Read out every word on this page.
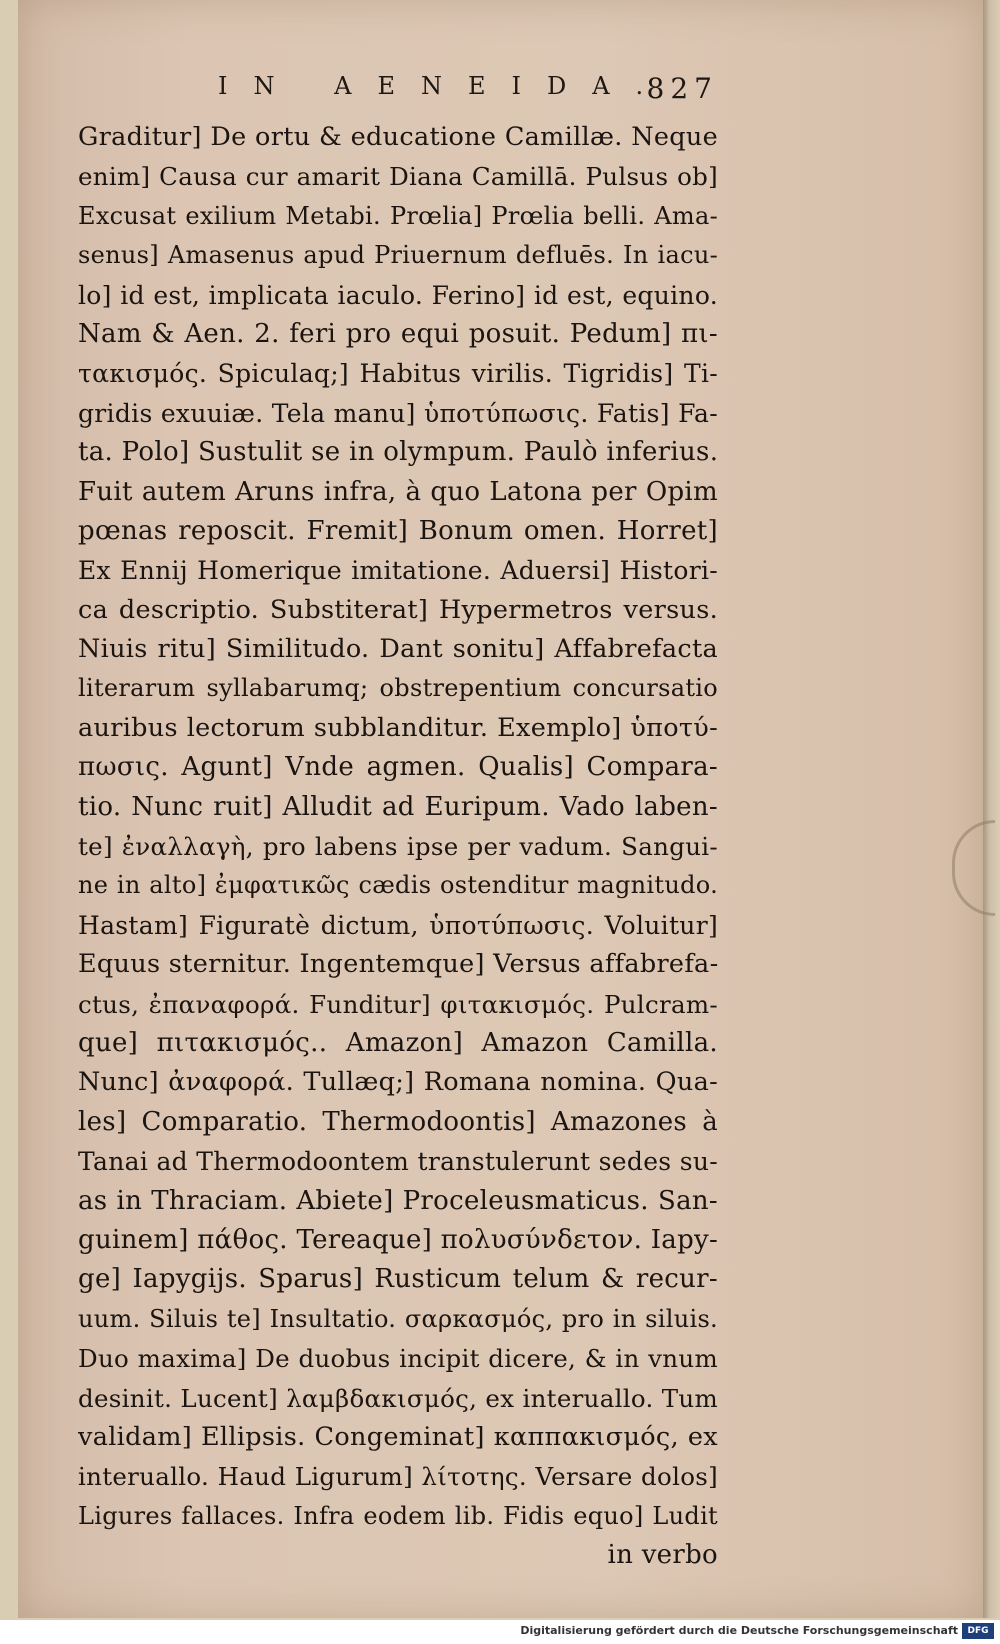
IN AENEIDA.
827
Graditur] De ortu & educatione Camillæ. Neque
enim] Causa cur amarit Diana Camillā. Pulsus ob]
Excusat exilium Metabi. Prœlia] Prœlia belli. Ama-
senus] Amasenus apud Priuernum defluēs. In iacu-
lo] id est, implicata iaculo. Ferino] id est, equino.
Nam & Aen. 2. feri pro equi posuit. Pedum] πι-
τακισμός. Spiculaq;] Habitus virilis. Tigridis] Ti-
gridis exuuiæ. Tela manu] ὑποτύπωσις. Fatis] Fa-
ta. Polo] Sustulit se in olympum. Paulò inferius.
Fuit autem Aruns infra, à quo Latona per Opim
pœnas reposcit. Fremit] Bonum omen. Horret]
Ex Ennij Homerique imitatione. Aduersi] Histori-
ca descriptio. Substiterat] Hypermetros versus.
Niuis ritu] Similitudo. Dant sonitu] Affabrefacta
literarum syllabarumq; obstrepentium concursatio
auribus lectorum subblanditur. Exemplo] ὑποτύ-
πωσις. Agunt] Vnde agmen. Qualis] Compara-
tio. Nunc ruit] Alludit ad Euripum. Vado laben-
te] ἐναλλαγὴ, pro labens ipse per vadum. Sangui-
ne in alto] ἐμφατικῶς cædis ostenditur magnitudo.
Hastam] Figuratè dictum, ὑποτύπωσις. Voluitur]
Equus sternitur. Ingentemque] Versus affabrefa-
ctus, ἐπαναφορά. Funditur] φιτακισμός. Pulcram-
que] πιτακισμός.. Amazon] Amazon Camilla.
Nunc] ἀναφορά. Tullæq;] Romana nomina. Qua-
les] Comparatio. Thermodoontis] Amazones à
Tanai ad Thermodoontem transtulerunt sedes su-
as in Thraciam. Abiete] Proceleusmaticus. San-
guinem] πάθος. Tereaque] πολυσύνδετον. Iapy-
ge] Iapygijs. Sparus] Rusticum telum & recur-
uum. Siluis te] Insultatio. σαρκασμός, pro in siluis.
Duo maxima] De duobus incipit dicere, & in vnum
desinit. Lucent] λαμβδακισμός, ex interuallo. Tum
validam] Ellipsis. Congeminat] καππακισμός, ex
interuallo. Haud Ligurum] λίτοτης. Versare dolos]
Ligures fallaces. Infra eodem lib. Fidis equo] Ludit
in verbo
Digitalisierung gefördert durch die Deutsche Forschungsgemeinschaft	DFG
